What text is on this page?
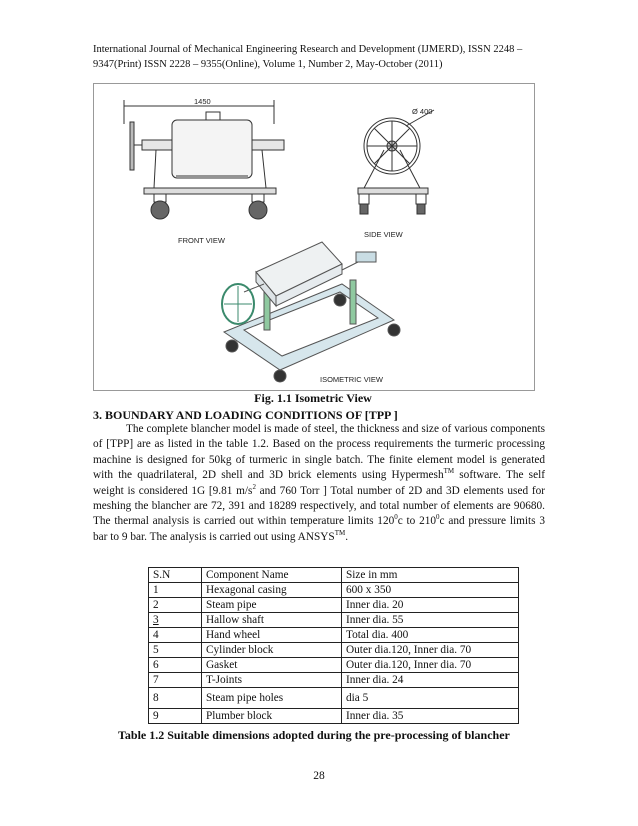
International Journal of Mechanical Engineering Research and Development (IJMERD), ISSN 2248 –
9347(Print) ISSN 2228 – 9355(Online), Volume 1, Number 2, May-October (2011)
1450
FRONT VIEW
Ø 400
SIDE VIEW
ISOMETRIC VIEW
Fig. 1.1 Isometric View
3. BOUNDARY AND LOADING CONDITIONS OF [TPP ]

The complete blancher model is made of steel, the thickness and size of various components of [TPP] are as listed in the table 1.2. Based on the process requirements the turmeric processing machine is designed for 50kg of turmeric in single batch. The finite element model is generated with the quadrilateral, 2D shell and 3D brick elements using Hypermesh™ software. The self weight is considered 1G [9.81 $m/s^2$ and 760 Torr ] Total number of 2D and 3D elements used for meshing the blancher are 72, 391 and 18289 respectively, and total number of elements are 90680. The thermal analysis is carried out within temperature limits $120^0c$ to $210^0c$ and pressure limits 3 bar to 9 bar. The analysis is carried out using ANSYS™.

S.N	Component Name	Size in mm
1	Hexagonal casing	600 x 350
2	Steam pipe	Inner dia. 20
3	Hallow shaft	Inner dia. 55
4	Hand wheel	Total dia. 400
5	Cylinder block	Outer dia.120, Inner dia. 70
6	Gasket	Outer dia.120, Inner dia. 70
7	T-Joints	Inner dia. 24
8	Steam pipe holes	dia 5
9	Plumber block	Inner dia. 35
Table 1.2 Suitable dimensions adopted during the pre-processing of blancher
28
